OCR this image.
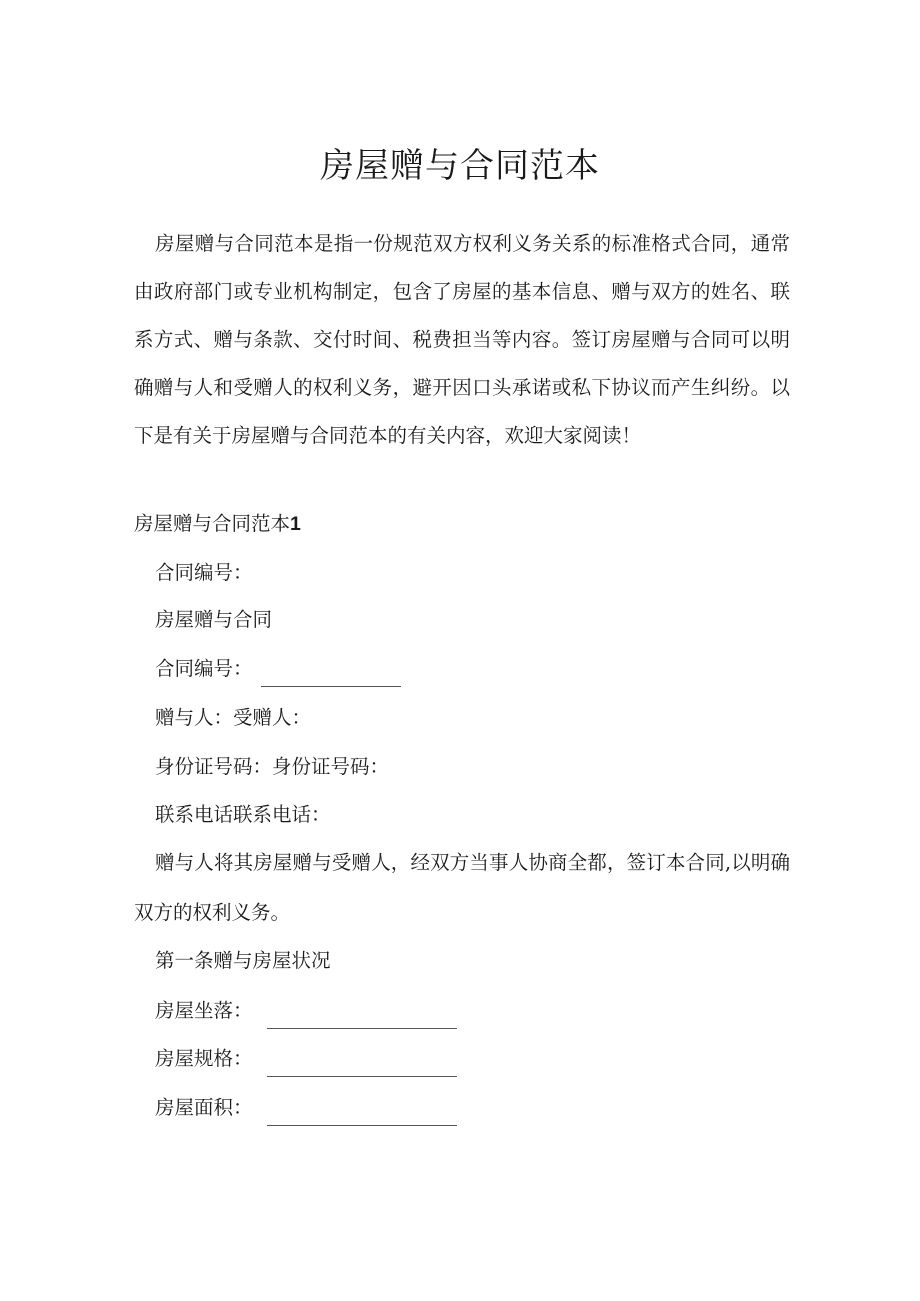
房屋赠与合同范本

房屋赠与合同范本是指一份规范双方权利义务关系的标准格式合同，通常由政府部门或专业机构制定，包含了房屋的基本信息、赠与双方的姓名、联系方式、赠与条款、交付时间、税费担当等内容。签订房屋赠与合同可以明确赠与人和受赠人的权利义务，避开因口头承诺或私下协议而产生纠纷。以下是有关于房屋赠与合同范本的有关内容，欢迎大家阅读！

房屋赠与合同范本1

合同编号：

房屋赠与合同

合同编号：

赠与人：受赠人：

身份证号码：身份证号码：

联系电话联系电话：

赠与人将其房屋赠与受赠人，经双方当事人协商全都，签订本合同,以明确双方的权利义务。

第一条赠与房屋状况

房屋坐落：

房屋规格：

房屋面积：
